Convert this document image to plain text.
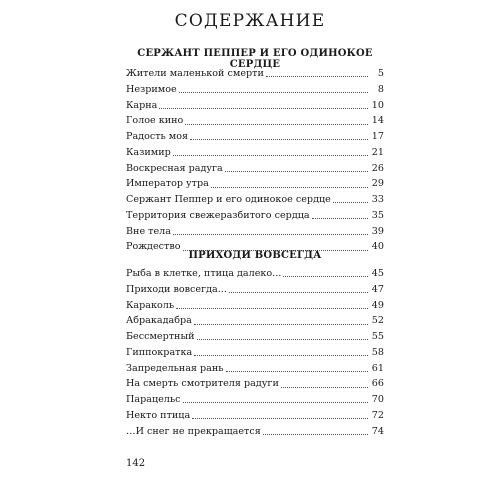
СОДЕРЖАНИЕ
СЕРЖАНТ ПЕППЕР И ЕГО ОДИНОКОЕ СЕРДЦЕ
Жители маленькой смерти	5
Незримое	8
Карна	10
Голое кино	14
Радость моя	17
Казимир	21
Воскресная радуга	26
Император утра	29
Сержант Пеппер и его одинокое сердце	33
Территория свежеразбитого сердца	35
Вне тела	39
Рождество	40
ПРИХОДИ ВОВСЕГДА
Рыба в клетке, птица далеко...	45
Приходи вовсегда...	47
Караколь	49
Абракадабра	52
Бессмертный	55
Гиппократка	58
Запредельная рань	61
На смерть смотрителя радуги	66
Парацельс	70
Некто птица	72
…И снег не прекращается	74
142
